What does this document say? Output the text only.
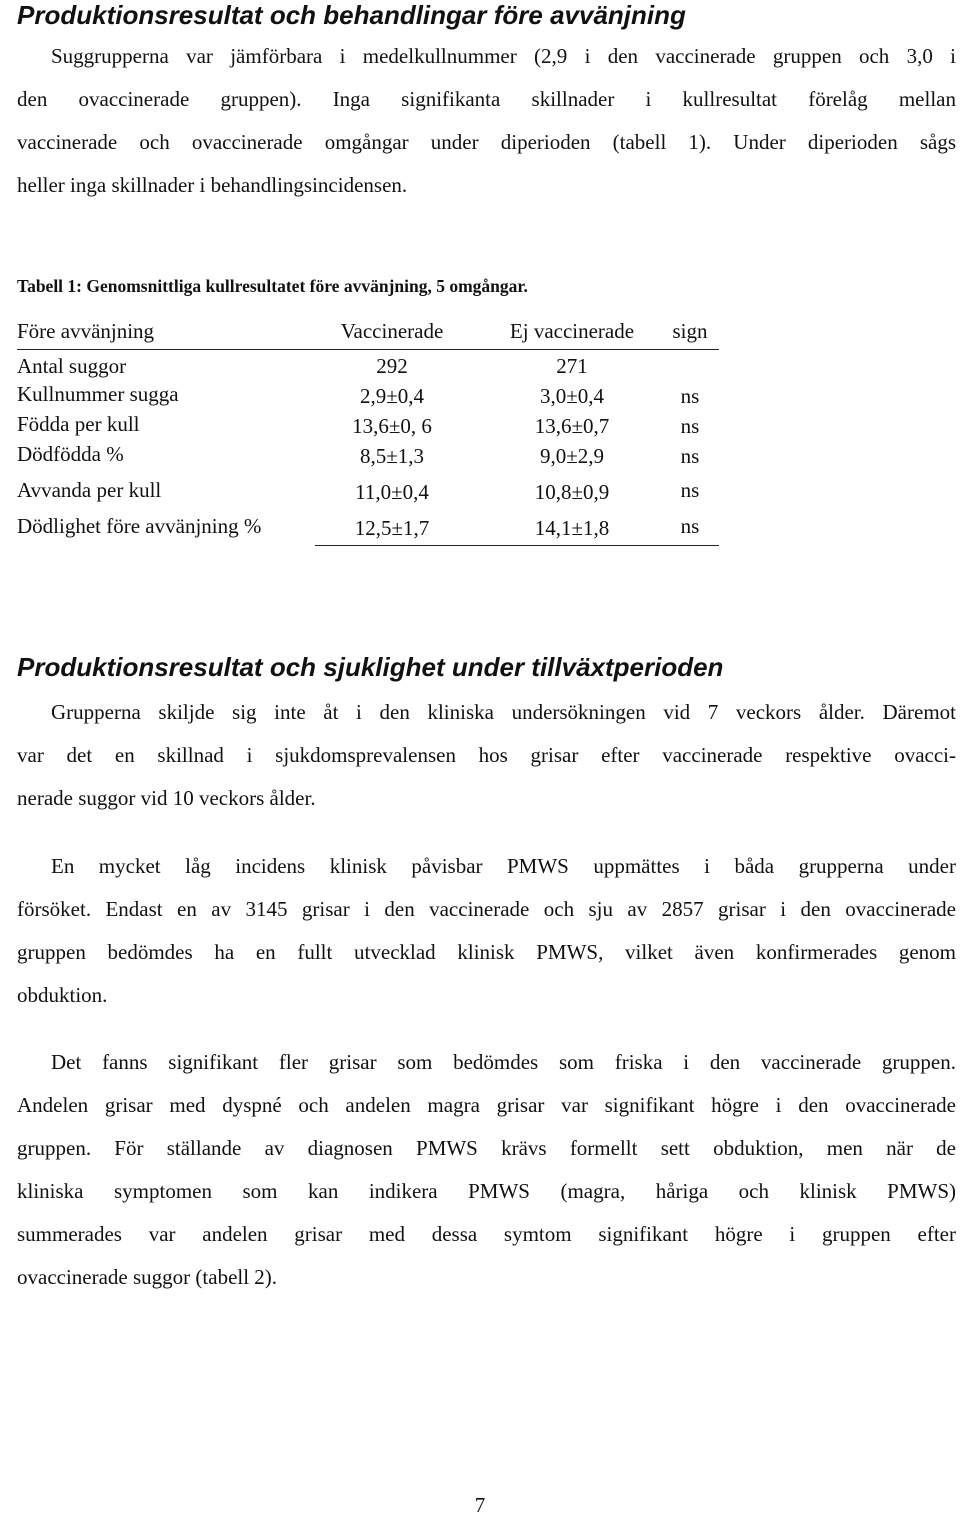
Produktionsresultat och behandlingar före avvänjning

Suggrupperna var jämförbara i medelkullnummer (2,9 i den vaccinerade gruppen och 3,0 i
den ovaccinerade gruppen). Inga signifikanta skillnader i kullresultat förelåg mellan
vaccinerade och ovaccinerade omgångar under diperioden (tabell 1). Under diperioden sågs
heller inga skillnader i behandlingsincidensen.

Tabell 1: Genomsnittliga kullresultatet före avvänjning, 5 omgångar.

Före avvänjning	Vaccinerade	Ej vaccinerade	sign
Antal suggor	292	271
Kullnummer sugga	2,9±0,4	3,0±0,4	ns
Födda per kull	13,6±0, 6	13,6±0,7	ns
Dödfödda %	8,5±1,3	9,0±2,9	ns
Avvanda per kull	11,0±0,4	10,8±0,9	ns
Dödlighet före avvänjning %	12,5±1,7	14,1±1,8	ns
Produktionsresultat och sjuklighet under tillväxtperioden

Grupperna skiljde sig inte åt i den kliniska undersökningen vid 7 veckors ålder. Däremot
var det en skillnad i sjukdomsprevalensen hos grisar efter vaccinerade respektive ovacci-
nerade suggor vid 10 veckors ålder.

En mycket låg incidens klinisk påvisbar PMWS uppmättes i båda grupperna under
försöket. Endast en av 3145 grisar i den vaccinerade och sju av 2857 grisar i den ovaccinerade
gruppen bedömdes ha en fullt utvecklad klinisk PMWS, vilket även konfirmerades genom
obduktion.

Det fanns signifikant fler grisar som bedömdes som friska i den vaccinerade gruppen.
Andelen grisar med dyspné och andelen magra grisar var signifikant högre i den ovaccinerade
gruppen. För ställande av diagnosen PMWS krävs formellt sett obduktion, men när de
kliniska symptomen som kan indikera PMWS (magra, håriga och klinisk PMWS)
summerades var andelen grisar med dessa symtom signifikant högre i gruppen efter
ovaccinerade suggor (tabell 2).

7
